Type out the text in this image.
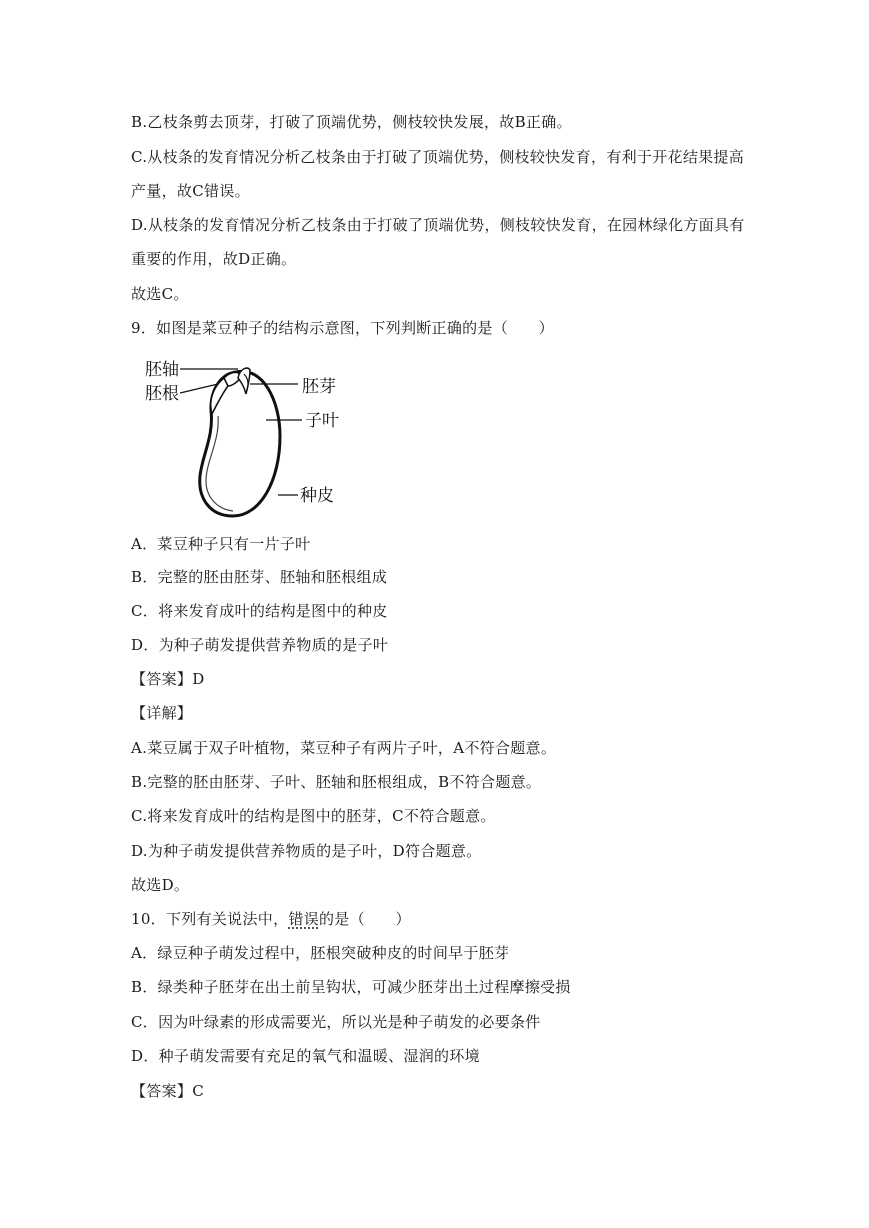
B.乙枝条剪去顶芽，打破了顶端优势，侧枝较快发展，故B正确。
C.从枝条的发育情况分析乙枝条由于打破了顶端优势，侧枝较快发育，有利于开花结果提高
产量，故C错误。
D.从枝条的发育情况分析乙枝条由于打破了顶端优势，侧枝较快发育，在园林绿化方面具有
重要的作用，故D正确。
故选C。
9．如图是菜豆种子的结构示意图，下列判断正确的是（　　）
胚轴
胚根	胚芽
子叶
种皮
A．菜豆种子只有一片子叶
B．完整的胚由胚芽、胚轴和胚根组成
C．将来发育成叶的结构是图中的种皮
D．为种子萌发提供营养物质的是子叶
【答案】D
【详解】
A.菜豆属于双子叶植物，菜豆种子有两片子叶，A不符合题意。
B.完整的胚由胚芽、子叶、胚轴和胚根组成，B不符合题意。
C.将来发育成叶的结构是图中的胚芽，C不符合题意。
D.为种子萌发提供营养物质的是子叶，D符合题意。
故选D。
10．下列有关说法中，错误的是（　　）
A．绿豆种子萌发过程中，胚根突破种皮的时间早于胚芽
B．绿类种子胚芽在出土前呈钩状，可减少胚芽出土过程摩擦受损
C．因为叶绿素的形成需要光，所以光是种子萌发的必要条件
D．种子萌发需要有充足的氧气和温暖、湿润的环境
【答案】C
